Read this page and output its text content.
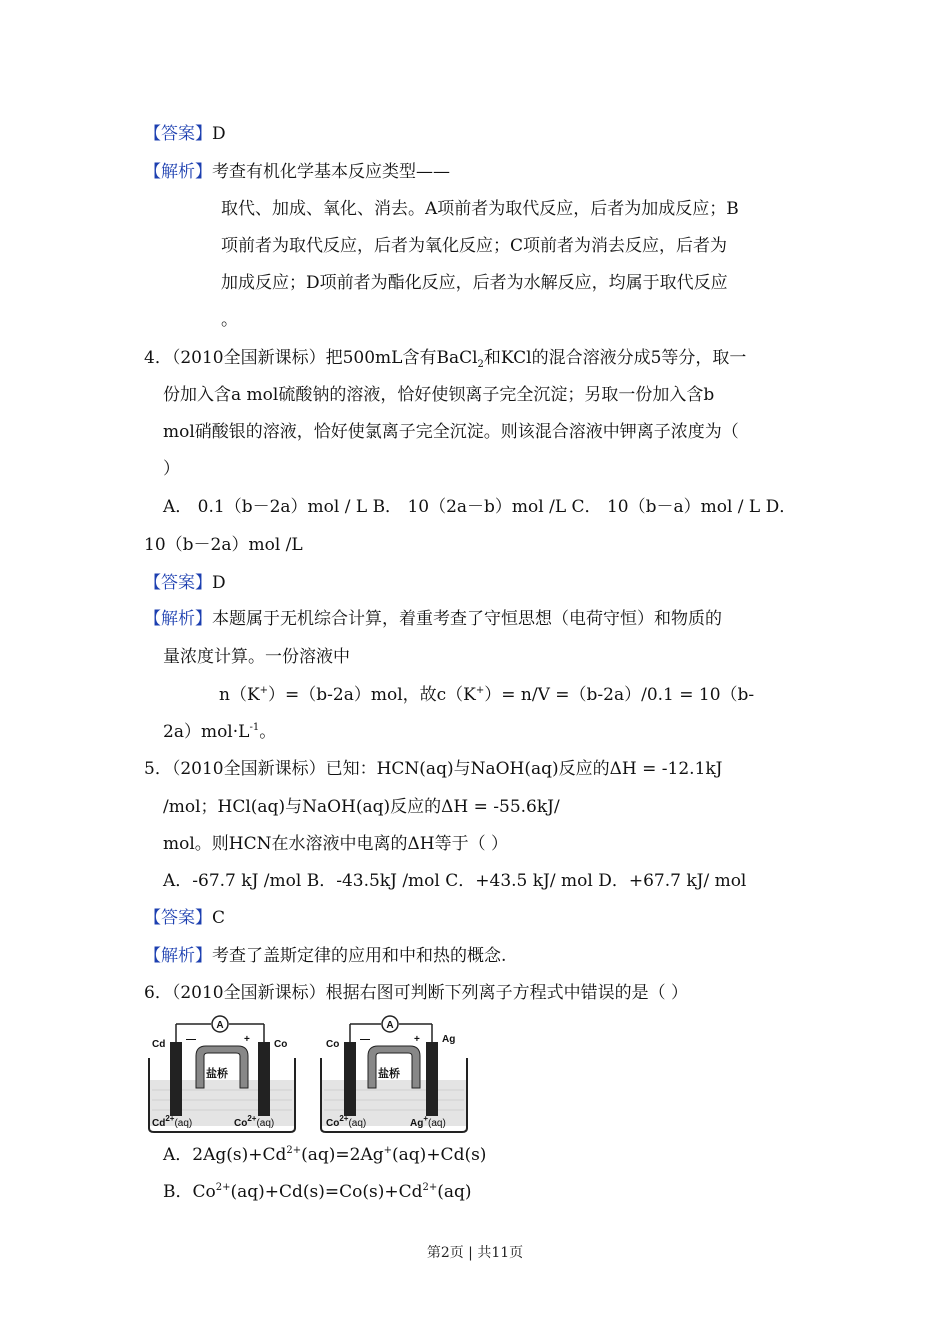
【答案】D
【解析】考查有机化学基本反应类型——
取代、加成、氧化、消去。A项前者为取代反应，后者为加成反应；B
项前者为取代反应，后者为氧化反应；C项前者为消去反应，后者为
加成反应；D项前者为酯化反应，后者为水解反应，均属于取代反应
。
4．（2010全国新课标）把500mL含有BaCl$_2$和KCl的混合溶液分成5等分，取一
份加入含a mol硫酸钠的溶液，恰好使钡离子完全沉淀；另取一份加入含b
mol硝酸银的溶液，恰好使氯离子完全沉淀。则该混合溶液中钾离子浓度为（
）
A． 0.1（b－2a）mol / L B． 10（2a－b）mol /L C． 10（b－a）mol / L D．
10（b－2a）mol /L
【答案】D
【解析】本题属于无机综合计算，着重考查了守恒思想（电荷守恒）和物质的
量浓度计算。一份溶液中
n（K+）=（b-2a）mol，故c（K+）= n/V =（b-2a）/0.1 = 10（b-
$2a)mol\cdot L^{-1}$。
5．（2010全国新课标）已知：HCN(aq)与NaOH(aq)反应的ΔH = -12.1kJ
/mol；HCl(aq)与NaOH(aq)反应的ΔH = -55.6kJ/
mol。则HCN在水溶液中电离的ΔH等于（ ）
A．-67.7 kJ /mol B．-43.5kJ /mol C．+43.5 kJ/ mol D．+67.7 kJ/ mol
【答案】C
【解析】考查了盖斯定律的应用和中和热的概念.
6．（2010全国新课标）根据右图可判断下列离子方程式中错误的是（ ）
A
Cd	Co
—	+
盐桥
$Cd^{2+}(aq)$	$Co^{2+}(aq)$
A
Co	Ag
—	+
盐桥
$Co^{2+}(aq)$	Ag+(aq)
A．$2Ag(s)+Cd^{2+}(aq)=2Ag^+(aq)+Cd(s)$
B．$Co^{2+}(aq)+Cd(s)=Co(s)+Cd^{2+}(aq)$
第2页 | 共11页
